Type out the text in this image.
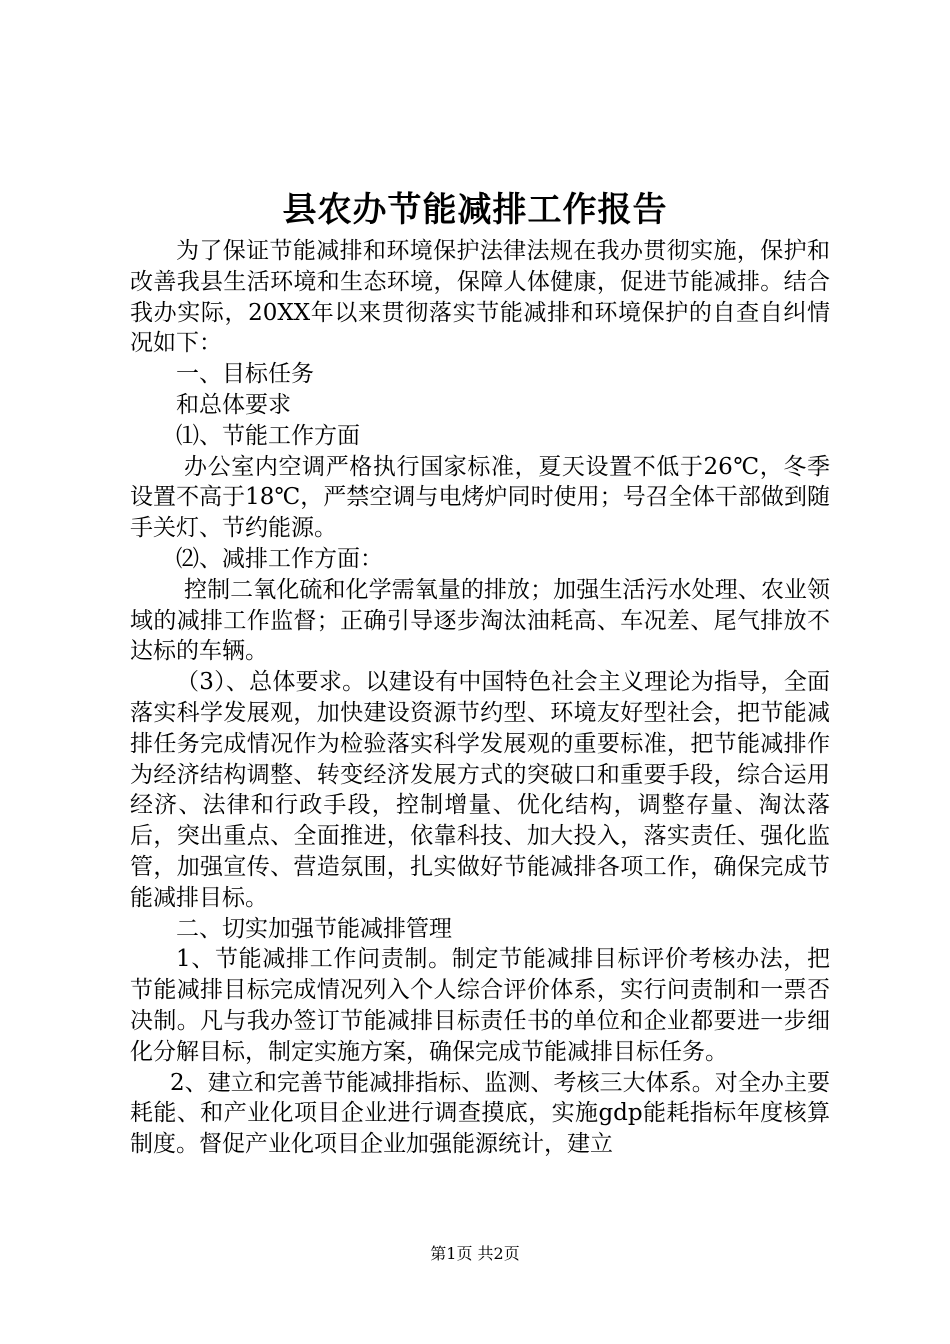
县农办节能减排工作报告

为了保证节能减排和环境保护法律法规在我办贯彻实施，保护和改善我县生活环境和生态环境，保障人体健康，促进节能减排。结合我办实际，20XX年以来贯彻落实节能减排和环境保护的自查自纠情况如下：

一、目标任务

和总体要求

⑴、节能工作方面

办公室内空调严格执行国家标准，夏天设置不低于26℃，冬季设置不高于18℃，严禁空调与电烤炉同时使用；号召全体干部做到随手关灯、节约能源。

⑵、减排工作方面：

控制二氧化硫和化学需氧量的排放；加强生活污水处理、农业领域的减排工作监督；正确引导逐步淘汰油耗高、车况差、尾气排放不达标的车辆。

（3）、总体要求。以建设有中国特色社会主义理论为指导，全面落实科学发展观，加快建设资源节约型、环境友好型社会，把节能减排任务完成情况作为检验落实科学发展观的重要标准，把节能减排作为经济结构调整、转变经济发展方式的突破口和重要手段，综合运用经济、法律和行政手段，控制增量、优化结构，调整存量、淘汰落后，突出重点、全面推进，依靠科技、加大投入，落实责任、强化监管，加强宣传、营造氛围，扎实做好节能减排各项工作，确保完成节能减排目标。

二、切实加强节能减排管理

1、节能减排工作问责制。制定节能减排目标评价考核办法，把节能减排目标完成情况列入个人综合评价体系，实行问责制和一票否决制。凡与我办签订节能减排目标责任书的单位和企业都要进一步细化分解目标，制定实施方案，确保完成节能减排目标任务。

2、建立和完善节能减排指标、监测、考核三大体系。对全办主要耗能、和产业化项目企业进行调查摸底，实施gdp能耗指标年度核算制度。督促产业化项目企业加强能源统计，建立

第1页 共2页
